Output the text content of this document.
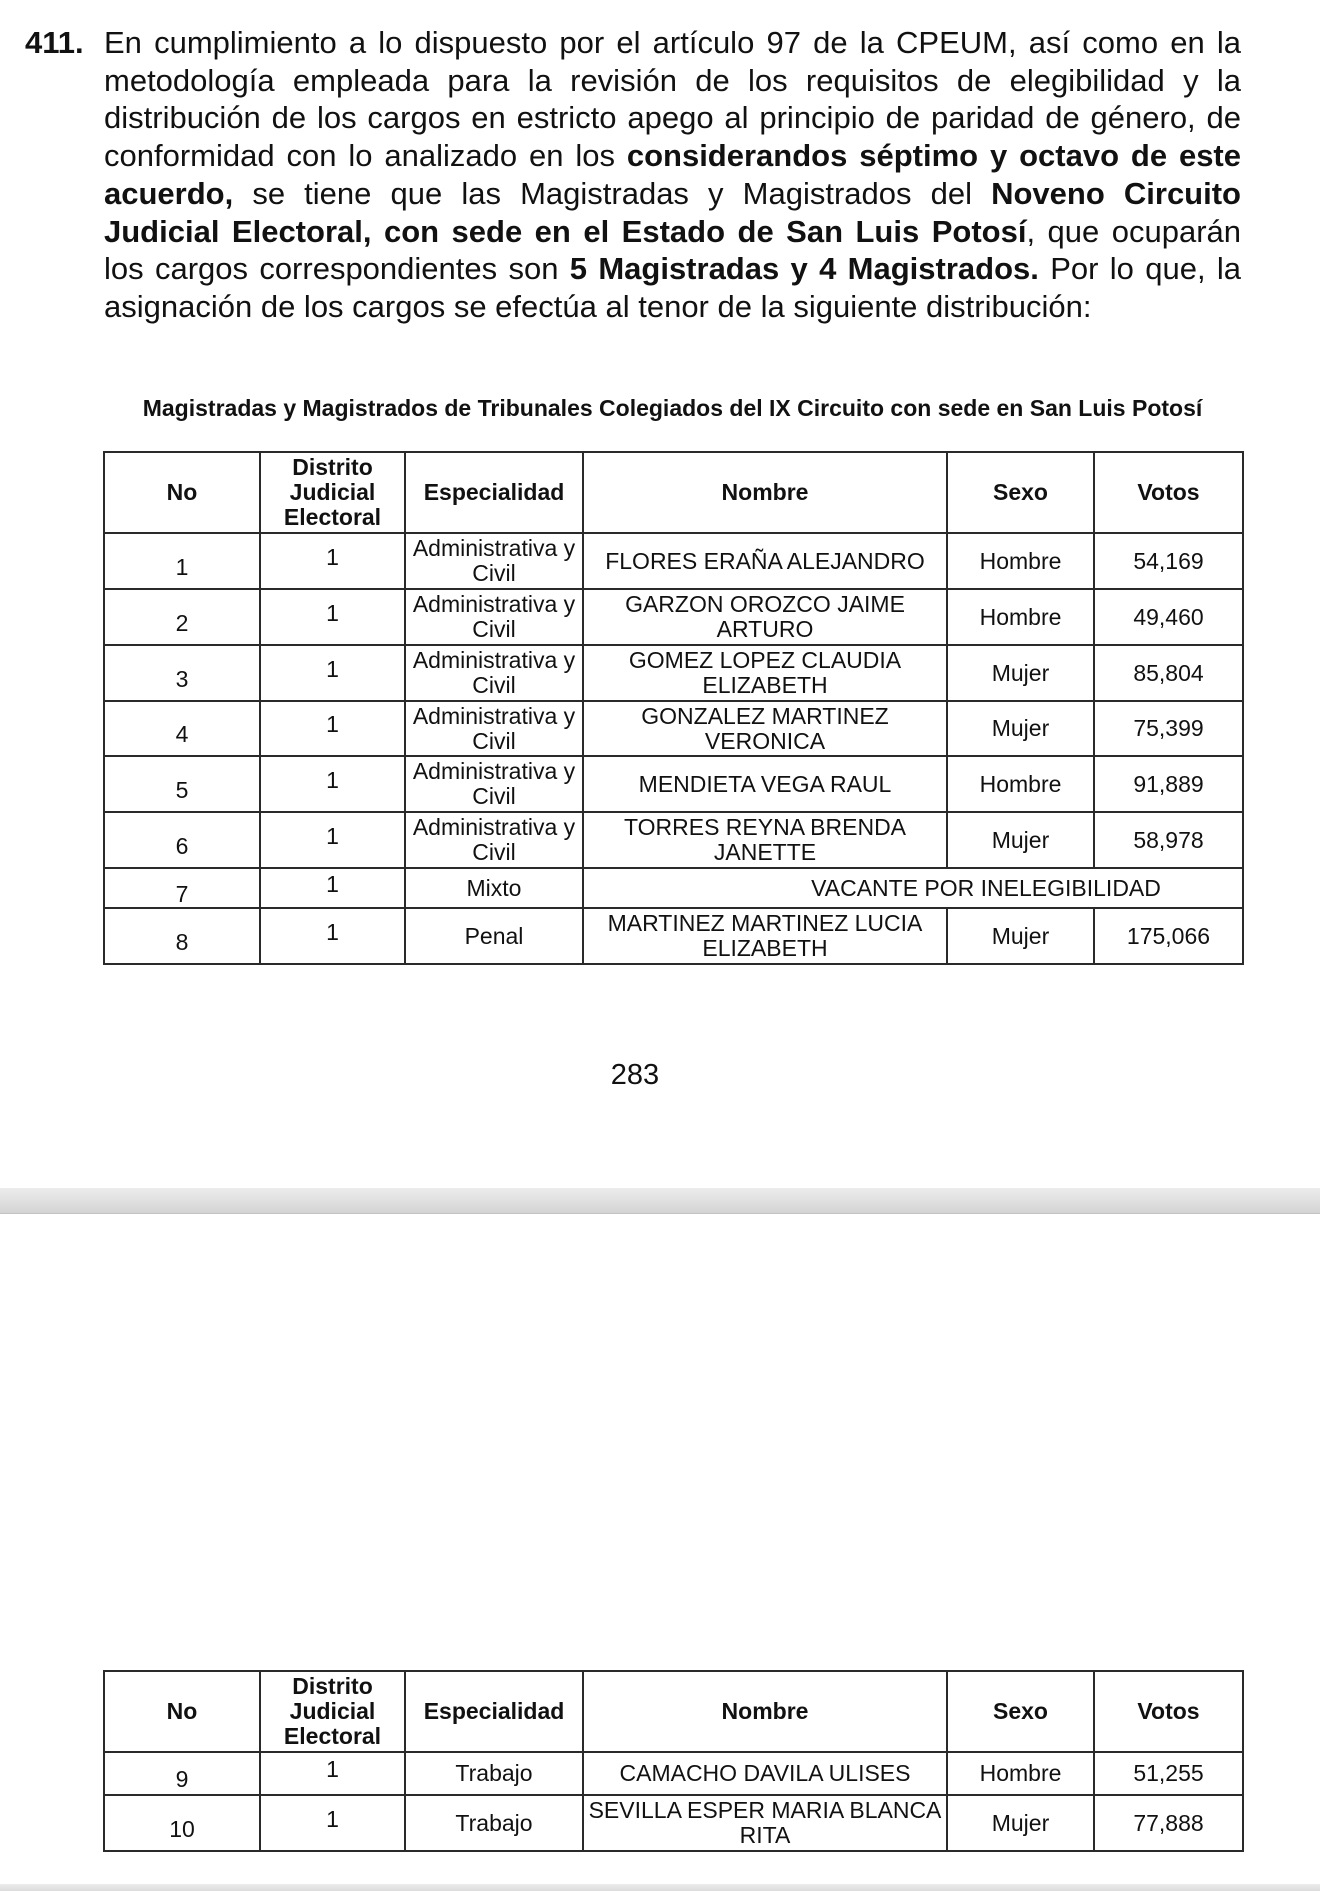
411. En cumplimiento a lo dispuesto por el artículo 97 de la CPEUM, así como en la metodología empleada para la revisión de los requisitos de elegibilidad y la distribución de los cargos en estricto apego al principio de paridad de género, de conformidad con lo analizado en los considerandos séptimo y octavo de este acuerdo, se tiene que las Magistradas y Magistrados del Noveno Circuito Judicial Electoral, con sede en el Estado de San Luis Potosí, que ocuparán los cargos correspondientes son 5 Magistradas y 4 Magistrados. Por lo que, la asignación de los cargos se efectúa al tenor de la siguiente distribución:

Magistradas y Magistrados de Tribunales Colegiados del IX Circuito con sede en San Luis Potosí
No	Distrito Judicial Electoral	Especialidad	Nombre	Sexo	Votos
1	1	Administrativa y Civil	FLORES ERAÑA ALEJANDRO	Hombre	54,169
2	1	Administrativa y Civil	GARZON OROZCO JAIME ARTURO	Hombre	49,460
3	1	Administrativa y Civil	GOMEZ LOPEZ CLAUDIA ELIZABETH	Mujer	85,804
4	1	Administrativa y Civil	GONZALEZ MARTINEZ VERONICA	Mujer	75,399
5	1	Administrativa y Civil	MENDIETA VEGA RAUL	Hombre	91,889
6	1	Administrativa y Civil	TORRES REYNA BRENDA JANETTE	Mujer	58,978
7	1	Mixto	VACANTE POR INELEGIBILIDAD		
8	1	Penal	MARTINEZ MARTINEZ LUCIA ELIZABETH	Mujer	175,066
283
No	Distrito Judicial Electoral	Especialidad	Nombre	Sexo	Votos
9	1	Trabajo	CAMACHO DAVILA ULISES	Hombre	51,255
10	1	Trabajo	SEVILLA ESPER MARIA BLANCA RITA	Mujer	77,888
